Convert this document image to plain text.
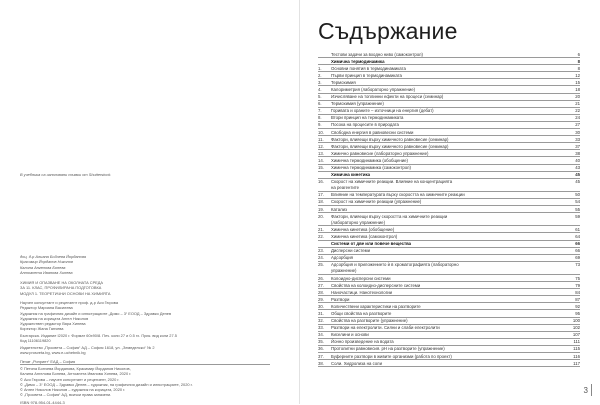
В учебника са използвани снимки от Shutterstock.

доц. д-р Алиана Бойчева Йорданова

Красимир Йорданов Николов

Калина Ангелова Бонева

Антоанета Иванова Хинева

ХИМИЯ И ОПАЗВАНЕ НА ОКОЛНАТА СРЕДА

ЗА 11. КЛАС, ПРОФИЛИРАНА ПОДГОТОВКА

МОДУЛ 1. ТЕОРЕТИЧНИ ОСНОВИ НА ХИМИЯТА

Научен консултант и рецензент проф. д-р Ася Гюрова

Редактор Мариана Василева

Художник на графичния дизайн и илюстрациите „Димо – 3“ ЕООД – Здравко Денев

Художник на корицата Ангел Николов

Художествен редактор Вяра Хинева

Коректор Жана Ганчева

Българска. Издание I2020 г. Формат 60х90/8. Печ. коли 27 и 0.5 гх. Прик. вид коли 27.5

Код 11106119820

Издателство „Просвета – София“ АД – София 1618, ул. „Земеделско“ № 2

www.prosveta.bg, www.e-uchebnik.bg

Печат „Ропринт“ ЕАД – София

© Петяна Бончева Йорданова, Красимир Йорданов Николов,

Калина Ангелова Бонева, Антоанета Иванова Хинева, 2020 г.

© Ася Гюрова – научен консултант и рецензент, 2020 г.

© „Димо – 3“ ЕООД – Здравко Денев – художник, на графичния дизайн и илюстрациите, 2020 г.

© Ангел Николов Николов – художник на корицата, 2020 г.

© „Просвета – София“ АД, всички права запазени.

ISBN 978-954-01-4444-3

Съдържание
Тестови задачи за входно ниво (самоконтрол)	6
Химична термодинамика	8
1.	Основни понятия в термодинамиката	8
2.	Първи принцип в термодинамиката	12
3.	Термохимия	15
4.	Калориметрия (лабораторно упражнение)	18
5.	Изчисляване на топлинни ефекти на процеси (семинар)	20
6.	Термохимия (упражнение)	21
7.	Горивата и храните – източници на енергия (дебат)	22
8.	Втори принцип на термодинамиката	24
9.	Посока на процесите в природата	27
10.	Свободна енергия в равновесни системи	30
11.	Фактори, влияещи върху химичното равновесие (семинар)	33
12.	Фактори, влияещи върху химичното равновесие (семинар)	37
13.	Химично равновесие (лабораторно упражнение)	38
14.	Химична термодинамика (обобщение)	40
15.	Химична термодинамика (самоконтрол)	43
Химична кинетика	45
16.	Скорост на химичните реакции. Влияние на концентрацията	45
на реагентите
17.	Влияние на температурата върху скоростта на химичните реакции	50
18.	Скорост на химичните реакции (упражнение)	54
19.	Катализ	55
20.	Фактори, влияещи върху скоростта на химичните реакции	59
(лабораторно упражнение)
21.	Химична кинетика (обобщение)	61
22.	Химична кинетика (самоконтрол)	64
Системи от две или повече вещества	66
23.	Дисперсни системи	66
24.	Адсорбция	69
25.	Адсорбция и приложението ѝ в хроматографията (лабораторно	73
упражнение)
26.	Колоидно-дисперсни системи	75
27.	Свойства на колоидно-дисперсните системи	79
28.	Наночастици. Нанотехнологии	84
29.	Разтвори	87
30.	Количествени характеристики на разтворите	92
31.	Общи свойства на разтворите	95
32.	Свойства на разтворите (упражнение)	100
33.	Разтвори на електролити. Силни и слаби електролити	102
34.	Киселини и основи	107
35.	Йонно произведение на водата	111
36.	Протолитни равновесия. pH на разтворите (упражнение)	115
37.	Буферните разтвори в живите организми (работа по проект)	116
38.	Соли. Хидролиза на соли	117
3
